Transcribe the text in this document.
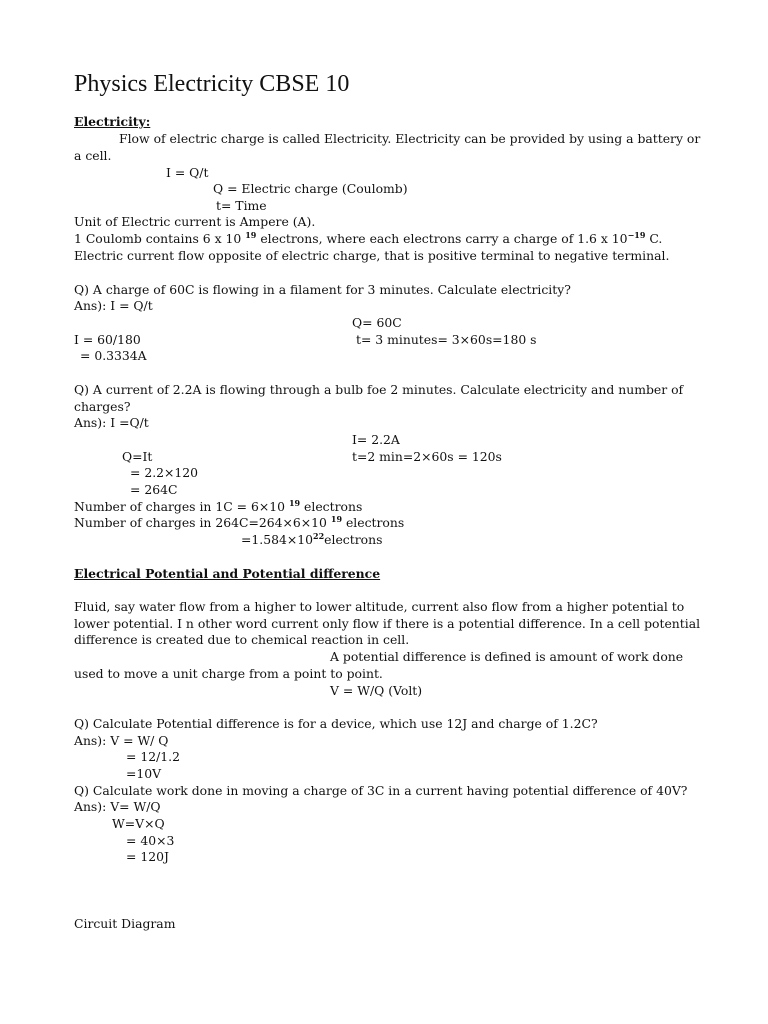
Physics Electricity CBSE 10
Electricity:
Flow of electric charge is called Electricity. Electricity can be provided by using a battery or
a cell.
I = Q/t
Q = Electric charge (Coulomb)
t= Time
Unit of Electric current is Ampere (A).
1 Coulomb contains 6 x 10 $^{19}$ electrons, where each electrons carry a charge of 1.6 x $10^{-19}$ C.
Electric current flow opposite of electric charge, that is positive terminal to negative terminal.
Q) A charge of 60C is flowing in a filament for 3 minutes. Calculate electricity?
Ans): I = Q/t
Q= 60C
I = 60/180	t= 3 minutes= 3×60s=180 s
= 0.3334A
Q) A current of 2.2A is flowing through a bulb foe 2 minutes. Calculate electricity and number of
charges?
Ans): I =Q/t
I= 2.2A
Q=It	t=2 min=2×60s = 120s
= 2.2×120
= 264C
Number of charges in 1C = 6×10 $^{19}$ electrons
Number of charges in 264C=264×6×10 $^{19}$ electrons
$=1.584\times 10^{22}electrons$
Electrical Potential and Potential difference
Fluid, say water flow from a higher to lower altitude, current also flow from a higher potential to
lower potential. I n other word current only flow if there is a potential difference. In a cell potential
difference is created due to chemical reaction in cell.
A potential difference is defined is amount of work done
used to move a unit charge from a point to point.
V = W/Q (Volt)
Q) Calculate Potential difference is for a device, which use 12J and charge of 1.2C?
Ans): V = W/ Q
= 12/1.2
=10V
Q) Calculate work done in moving a charge of 3C in a current having potential difference of 40V?
Ans): V= W/Q
W=V×Q
= 40×3
= 120J
Circuit Diagram
